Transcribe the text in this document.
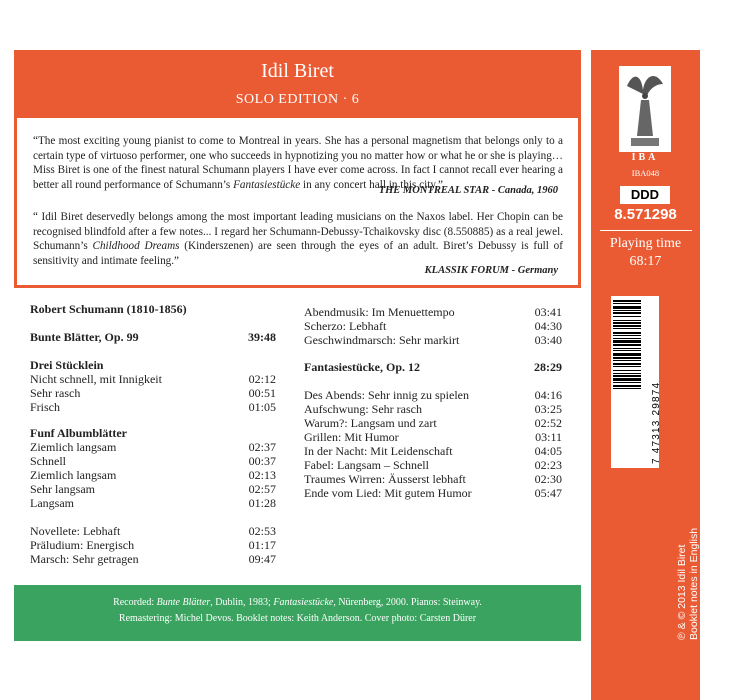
Idil Biret
SOLO EDITION · 6
“The most exciting young pianist to come to Montreal in years. She has a personal magnetism that belongs only to a certain type of virtuoso performer, one who succeeds in hypnotizing you no matter how or what he or she is playing… Miss Biret is one of the finest natural Schumann players I have ever come across. In fact I cannot recall ever hearing a better all round performance of Schumann’s Fantasiestücke in any concert hall in this city.”
THE MONTREAL STAR - Canada, 1960
“ Idil Biret deservedly belongs among the most important leading musicians on the Naxos label. Her Chopin can be recognised blindfold after a few notes... I regard her Schumann-Debussy-Tchaikovsky disc (8.550885) as a real jewel. Schumann’s Childhood Dreams (Kinderszenen) are seen through the eyes of an adult. Biret’s Debussy is full of sensitivity and intimate feeling.”
KLASSIK FORUM - Germany
Robert Schumann (1810-1856)
Bunte Blätter, Op. 99	39:48
Drei Stücklein
Nicht schnell, mit Innigkeit	02:12
Sehr rasch	00:51
Frisch	01:05
Funf Albumblätter
Ziemlich langsam	02:37
Schnell	00:37
Ziemlich langsam	02:13
Sehr langsam	02:57
Langsam	01:28
Novellete: Lebhaft	02:53
Präludium: Energisch	01:17
Marsch: Sehr getragen	09:47
Abendmusik: Im Menuettempo	03:41
Scherzo: Lebhaft	04:30
Geschwindmarsch: Sehr markirt	03:40
Fantasiestücke, Op. 12	28:29
Des Abends: Sehr innig zu spielen	04:16
Aufschwung: Sehr rasch	03:25
Warum?: Langsam und zart	02:52
Grillen: Mit Humor	03:11
In der Nacht: Mit Leidenschaft	04:05
Fabel: Langsam – Schnell	02:23
Traumes Wirren: Äusserst lebhaft	02:30
Ende vom Lied: Mit gutem Humor	05:47
Recorded: Bunte Blätter, Dublin, 1983; Fantasiestücke, Nürenberg, 2000. Pianos: Steinway.
Remastering: Michel Devos. Booklet notes: Keith Anderson. Cover photo: Carsten Dürer
IBA
IBA048
DDD
8.571298
Playing time
68:17
7 47313 29874
℗ & © 2013 Idil Biret Booklet notes in English Made in Germany www.idilbiretarchive.eu Manufactured by Sonopress and distributed by NAXOS
